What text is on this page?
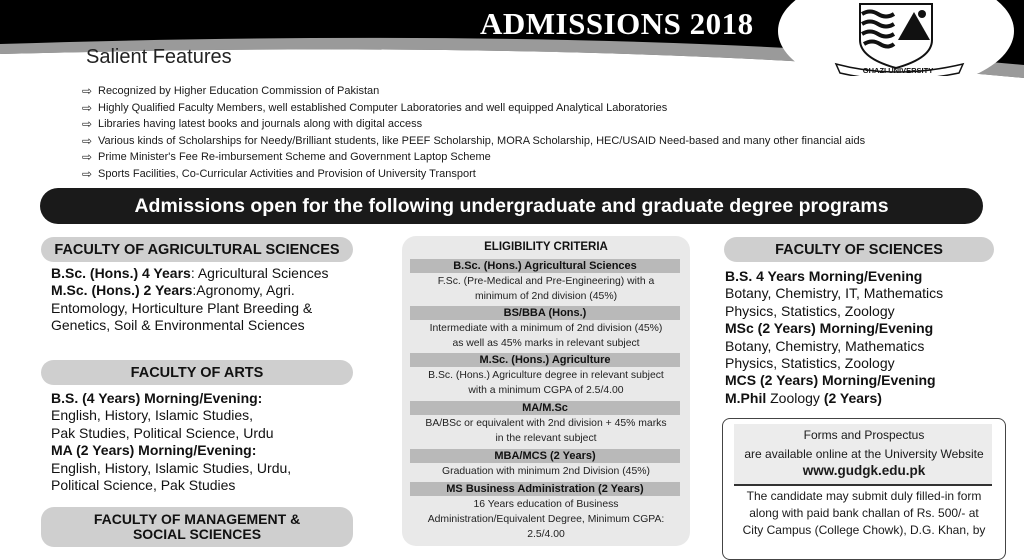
ADMISSIONS 2018
GHAZI UNIVERSITY
Salient Features
⇨ Recognized by Higher Education Commission of Pakistan
⇨ Highly Qualified Faculty Members, well established Computer Laboratories and well equipped Analytical Laboratories
⇨ Libraries having latest books and journals along with digital access
⇨ Various kinds of Scholarships for Needy/Brilliant students, like PEEF Scholarship, MORA Scholarship, HEC/USAID Need-based and many other financial aids
⇨ Prime Minister's Fee Re-imbursement Scheme and Government Laptop Scheme
⇨ Sports Facilities, Co-Curricular Activities and Provision of University Transport
Admissions open for the following undergraduate and graduate degree programs
FACULTY OF AGRICULTURAL SCIENCES
B.Sc. (Hons.) 4 Years: Agricultural Sciences
M.Sc. (Hons.) 2 Years:Agronomy, Agri.
Entomology, Horticulture Plant Breeding &
Genetics, Soil & Environmental Sciences
FACULTY OF ARTS
B.S. (4 Years) Morning/Evening:
English, History, Islamic Studies,
Pak Studies, Political Science, Urdu
MA (2 Years) Morning/Evening:
English, History, Islamic Studies, Urdu,
Political Science, Pak Studies
FACULTY OF MANAGEMENT &
SOCIAL SCIENCES
ELIGIBILITY CRITERIA
B.Sc. (Hons.) Agricultural Sciences
F.Sc. (Pre-Medical and Pre-Engineering) with a
minimum of 2nd division (45%)
BS/BBA (Hons.)
Intermediate with a minimum of 2nd division (45%)
as well as 45% marks in relevant subject
M.Sc. (Hons.) Agriculture
B.Sc. (Hons.) Agriculture degree in relevant subject
with a minimum CGPA of 2.5/4.00
MA/M.Sc
BA/BSc or equivalent with 2nd division + 45% marks
in the relevant subject
MBA/MCS (2 Years)
Graduation with minimum 2nd Division (45%)
MS Business Administration (2 Years)
16 Years education of Business
Administration/Equivalent Degree, Minimum CGPA:
2.5/4.00
FACULTY OF SCIENCES
B.S. 4 Years Morning/Evening
Botany, Chemistry, IT, Mathematics
Physics, Statistics, Zoology
MSc (2 Years) Morning/Evening
Botany, Chemistry, Mathematics
Physics, Statistics, Zoology
MCS (2 Years) Morning/Evening
M.Phil Zoology (2 Years)
Forms and Prospectus
are available online at the University Website
www.gudgk.edu.pk
The candidate may submit duly filled-in form
along with paid bank challan of Rs. 500/- at
City Campus (College Chowk), D.G. Khan, by
